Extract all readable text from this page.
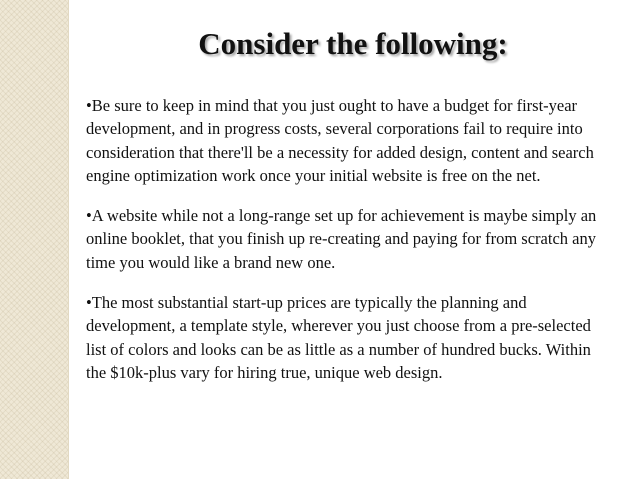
Consider the following:

•Be sure to keep in mind that you just ought to have a budget for first-year development, and in progress costs, several corporations fail to require into consideration that there'll be a necessity for added design, content and search engine optimization work once your initial website is free on the net.

•A website while not a long-range set up for achievement is maybe simply an online booklet, that you finish up re-creating and paying for from scratch any time you would like a brand new one.

•The most substantial start-up prices are typically the planning and development, a template style, wherever you just choose from a pre-selected list of colors and looks can be as little as a number of hundred bucks. Within the $10k-plus vary for hiring true, unique web design.
